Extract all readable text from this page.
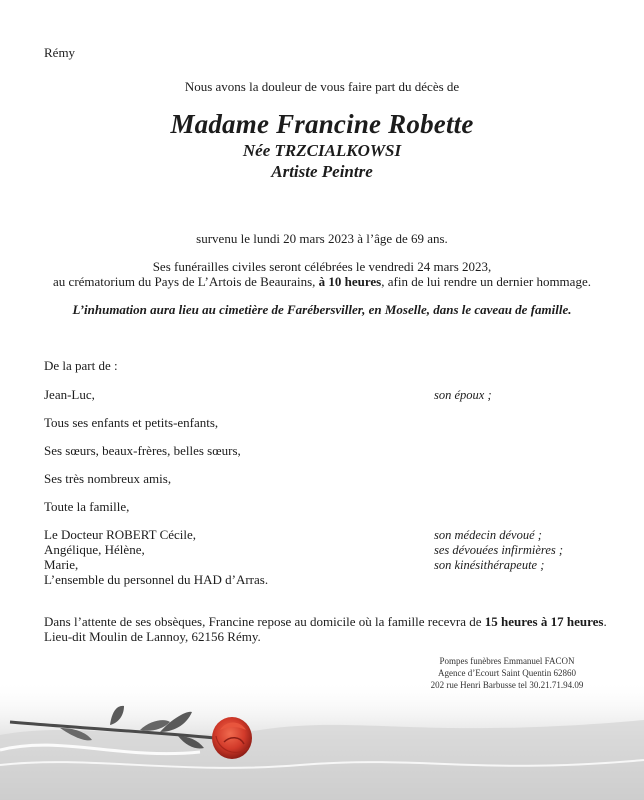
Rémy
Nous avons la douleur de vous faire part du décès de
Madame Francine Robette
Née TRZCIALKOWSI
Artiste Peintre
survenu le lundi 20 mars 2023 à l’âge de 69 ans.
Ses funérailles civiles seront célébrées le vendredi 24 mars 2023,
au crématorium du Pays de L’Artois de Beaurains, à 10 heures, afin de lui rendre un dernier hommage.
L’inhumation aura lieu au cimetière de Farébersviller, en Moselle, dans le caveau de famille.
De la part de :
Jean-Luc,	son époux ;
Tous ses enfants et petits-enfants,
Ses sœurs, beaux-frères, belles sœurs,
Ses très nombreux amis,
Toute la famille,
Le Docteur ROBERT Cécile,	son médecin dévoué ;
Angélique, Hélène,	ses dévouées infirmières ;
Marie,	son kinésithérapeute ;
L’ensemble du personnel du HAD d’Arras.
Dans l’attente de ses obsèques, Francine repose au domicile où la famille recevra de 15 heures à 17 heures.
Lieu-dit Moulin de Lannoy, 62156 Rémy.
Pompes funèbres Emmanuel FACON
Agence d’Ecourt Saint Quentin 62860
202 rue Henri Barbusse tel 30.21.71.94.09
